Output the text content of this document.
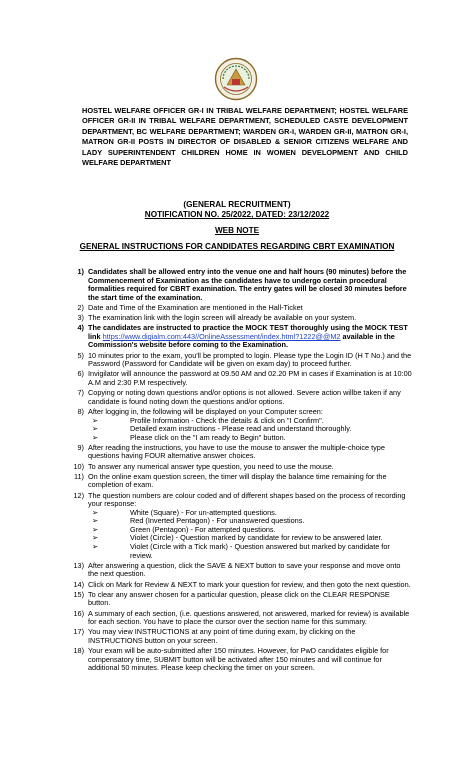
HOSTEL WELFARE OFFICER GR-I IN TRIBAL WELFARE DEPARTMENT; HOSTEL WELFARE OFFICER GR-II IN TRIBAL WELFARE DEPARTMENT, SCHEDULED CASTE DEVELOPMENT DEPARTMENT, BC WELFARE DEPARTMENT; WARDEN GR-I, WARDEN GR-II, MATRON GR-I, MATRON GR-II POSTS IN DIRECTOR OF DISABLED & SENIOR CITIZENS WELFARE AND LADY SUPERINTENDENT CHILDREN HOME IN WOMEN DEVELOPMENT AND CHILD WELFARE DEPARTMENT
(GENERAL RECRUITMENT)
NOTIFICATION NO. 25/2022, DATED: 23/12/2022
WEB NOTE
GENERAL INSTRUCTIONS FOR CANDIDATES REGARDING CBRT EXAMINATION
1) Candidates shall be allowed entry into the venue one and half hours (90 minutes) before the Commencement of Examination as the candidates have to undergo certain procedural formalities required for CBRT examination. The entry gates will be closed 30 minutes before the start time of the examination.
2) Date and Time of the Examination are mentioned in the Hall-Ticket
3) The examination link with the login screen will already be available on your system.
4) The candidates are instructed to practice the MOCK TEST thoroughly using the MOCK TEST link https://www.digialm.com:443//OnlineAssessment/index.html?1222@@M2 available in the Commission's website before coming to the Examination.
5) 10 minutes prior to the exam, you'll be prompted to login. Please type the Login ID (H T No.) and the Password (Password for Candidate will be given on exam day) to proceed further.
6) Invigilator will announce the password at 09.50 AM and 02.20 PM in cases if Examination is at 10:00 A.M and 2:30 P.M respectively.
7) Copying or noting down questions and/or options is not allowed. Severe action willbe taken if any candidate is found noting down the questions and/or options.
8) After logging in, the following will be displayed on your Computer screen:
➢	Profile Information - Check the details & click on "I Confirm".
➢	Detailed exam instructions - Please read and understand thoroughly.
➢	Please click on the "I am ready to Begin" button.
9) After reading the instructions, you have to use the mouse to answer the multiple-choice type questions having FOUR alternative answer choices.
10) To answer any numerical answer type question, you need to use the mouse.
11) On the online exam question screen, the timer will display the balance time remaining for the completion of exam.
12) The question numbers are colour coded and of different shapes based on the process of recording your response:
➢	White (Square) - For un-attempted questions.
➢	Red (Inverted Pentagon) - For unanswered questions.
➢	Green (Pentagon) - For attempted questions.
➢	Violet (Circle) - Question marked by candidate for review to be answered later.
➢	Violet (Circle with a Tick mark) - Question answered but marked by candidate for review.
13) After answering a question, click the SAVE & NEXT button to save your response and move onto the next question.
14) Click on Mark for Review & NEXT to mark your question for review, and then goto the next question.
15) To clear any answer chosen for a particular question, please click on the CLEAR RESPONSE button.
16) A summary of each section, (i.e. questions answered, not answered, marked for review) is available for each section. You have to place the cursor over the section name for this summary.
17) You may view INSTRUCTIONS at any point of time during exam, by clicking on the INSTRUCTIONS button on your screen.
18) Your exam will be auto-submitted after 150 minutes. However, for PwD candidates eligible for compensatory time, SUBMIT button will be activated after 150 minutes and will continue for additional 50 minutes. Please keep checking the timer on your screen.
